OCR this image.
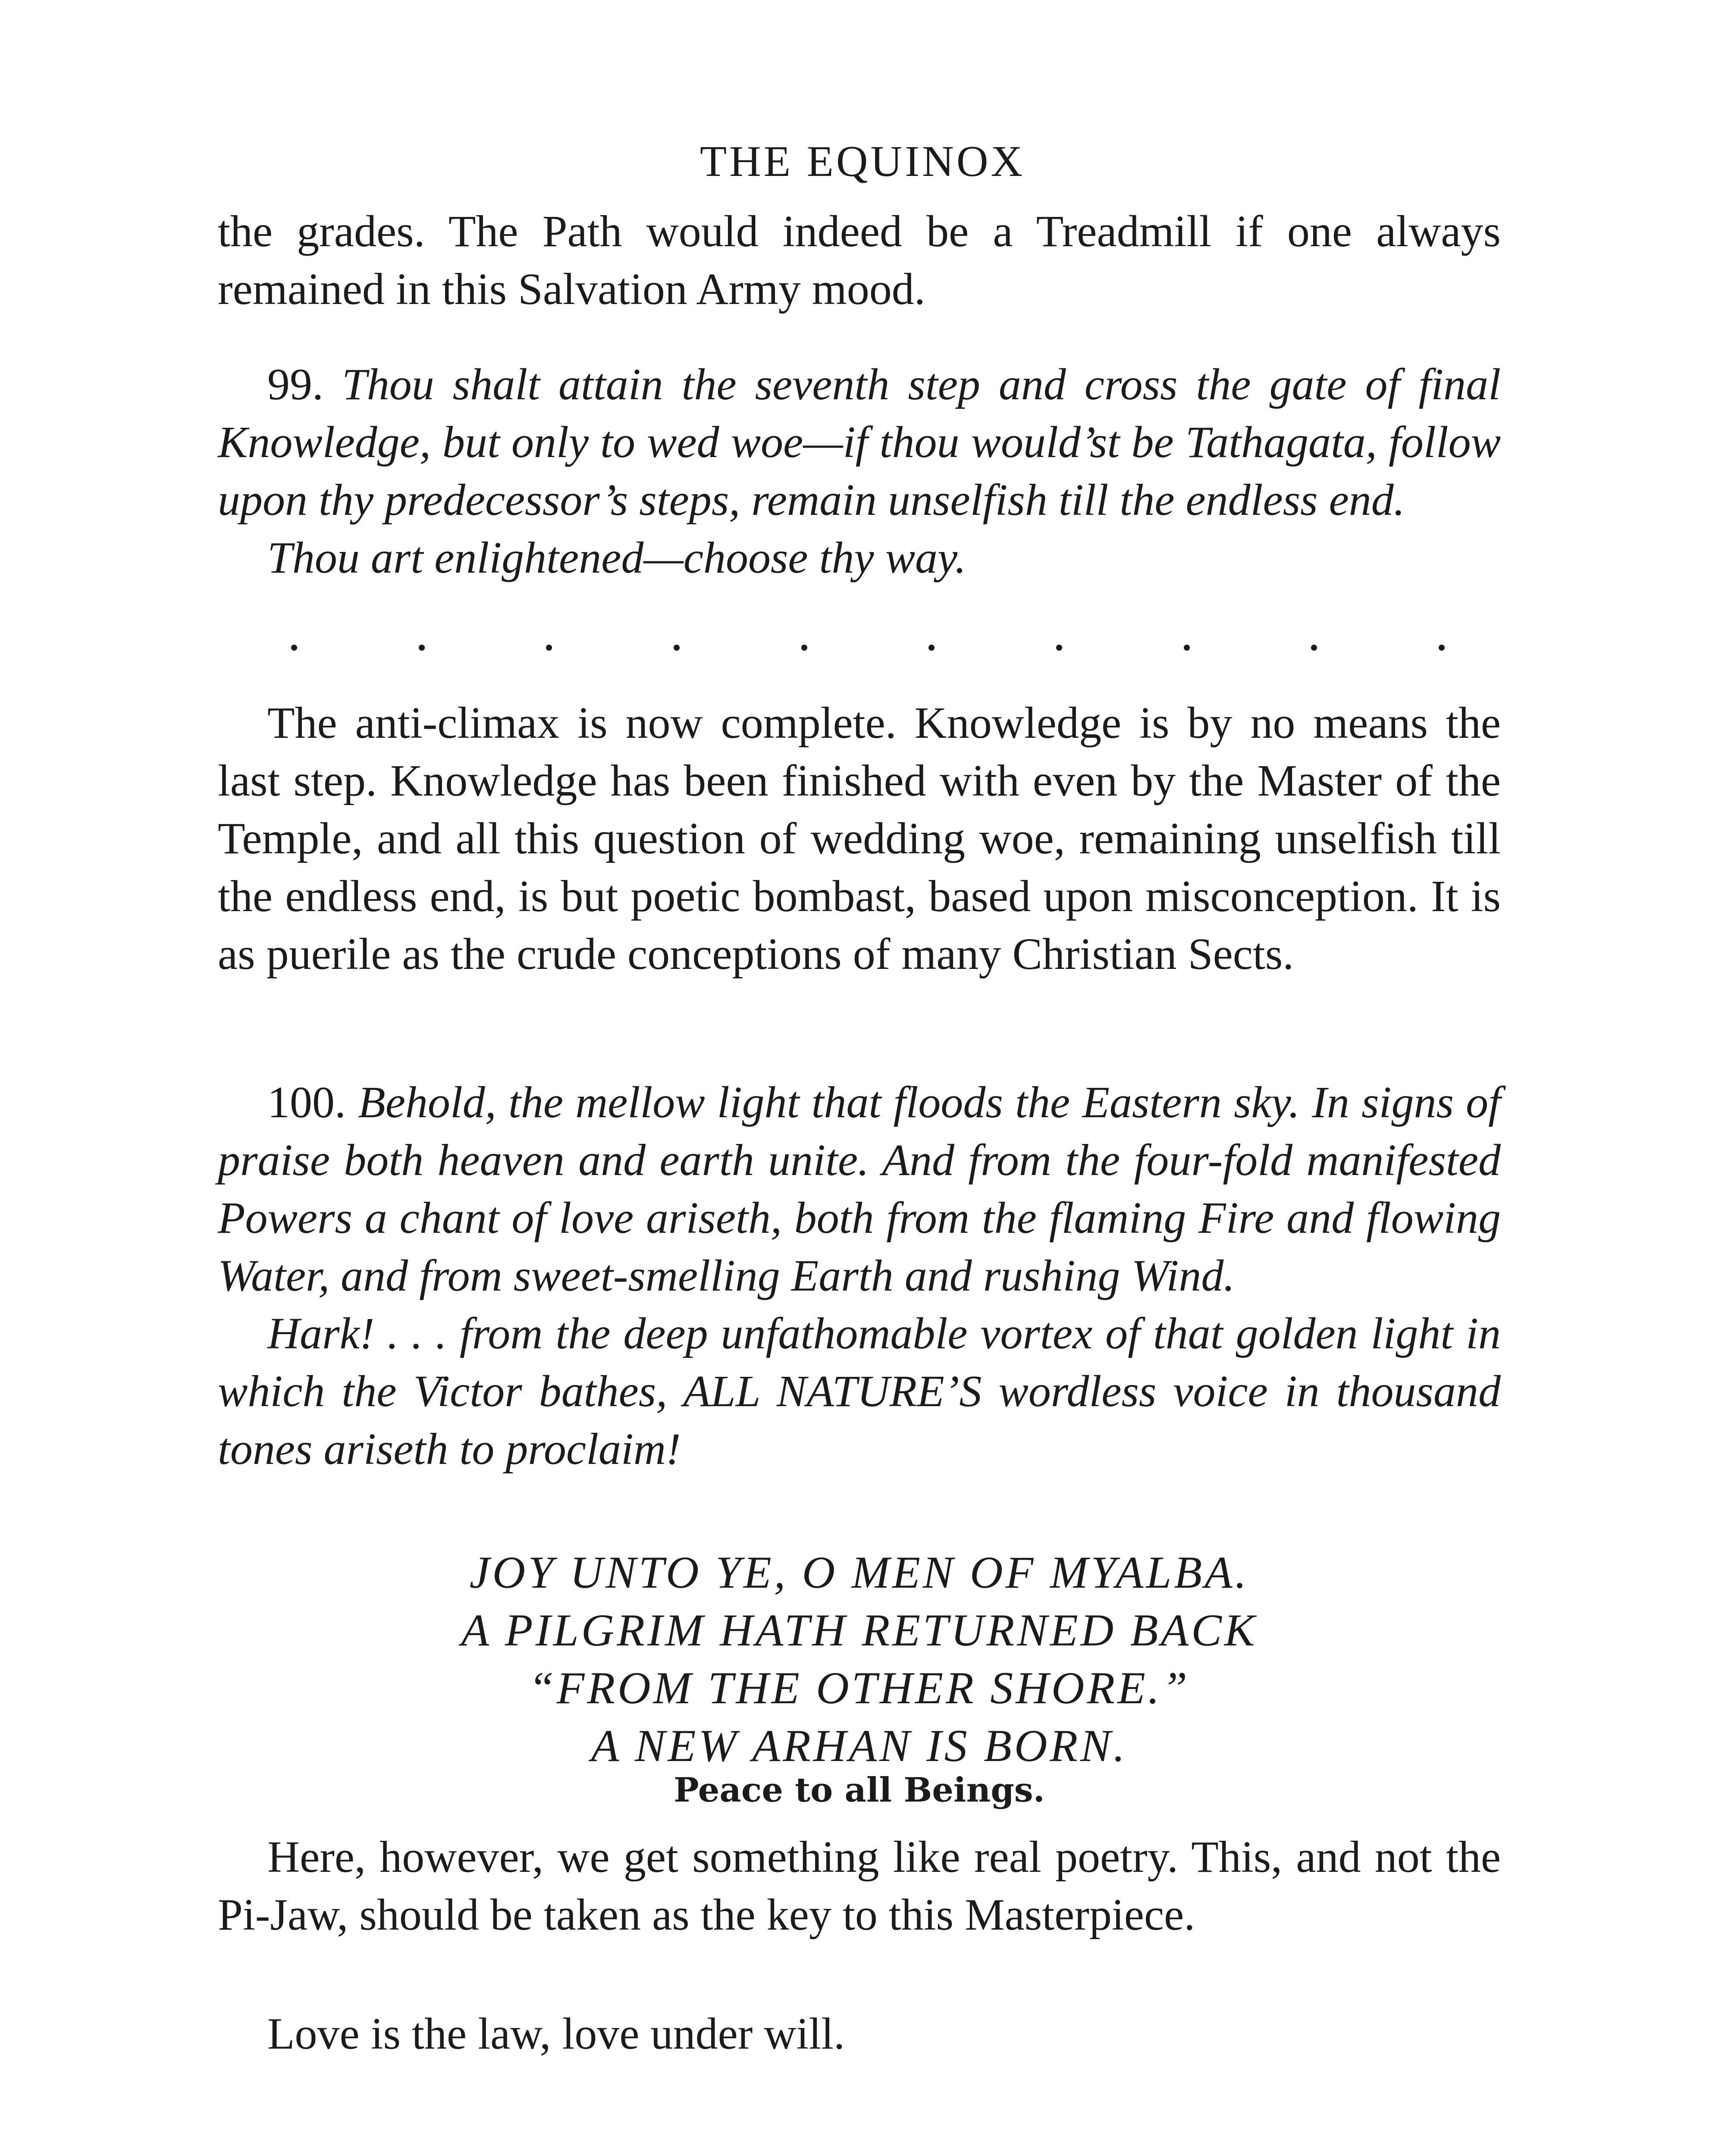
THE EQUINOX

the grades. The Path would indeed be a Treadmill if one always remained in this Salvation Army mood.

99. Thou shalt attain the seventh step and cross the gate of final Knowledge, but only to wed woe—if thou would’st be Tathagata, follow upon thy predecessor’s steps, remain unselfish till the endless end.

Thou art enlightened—choose thy way.

The anti-climax is now complete. Knowledge is by no means the last step. Knowledge has been finished with even by the Master of the Temple, and all this question of wedding woe, remaining unselfish till the endless end, is but poetic bombast, based upon misconception. It is as puerile as the crude conceptions of many Christian Sects.

100. Behold, the mellow light that floods the Eastern sky. In signs of praise both heaven and earth unite. And from the four-fold manifested Powers a chant of love ariseth, both from the flaming Fire and flowing Water, and from sweet-smelling Earth and rushing Wind.

Hark! . . . from the deep unfathomable vortex of that golden light in which the Victor bathes, ALL NATURE’S wordless voice in thousand tones ariseth to proclaim!

JOY UNTO YE, O MEN OF MYALBA.
A PILGRIM HATH RETURNED BACK
“FROM THE OTHER SHORE.”
A NEW ARHAN IS BORN.
Peace to all Beings.

Here, however, we get something like real poetry. This, and not the Pi-Jaw, should be taken as the key to this Masterpiece.

Love is the law, love under will.
